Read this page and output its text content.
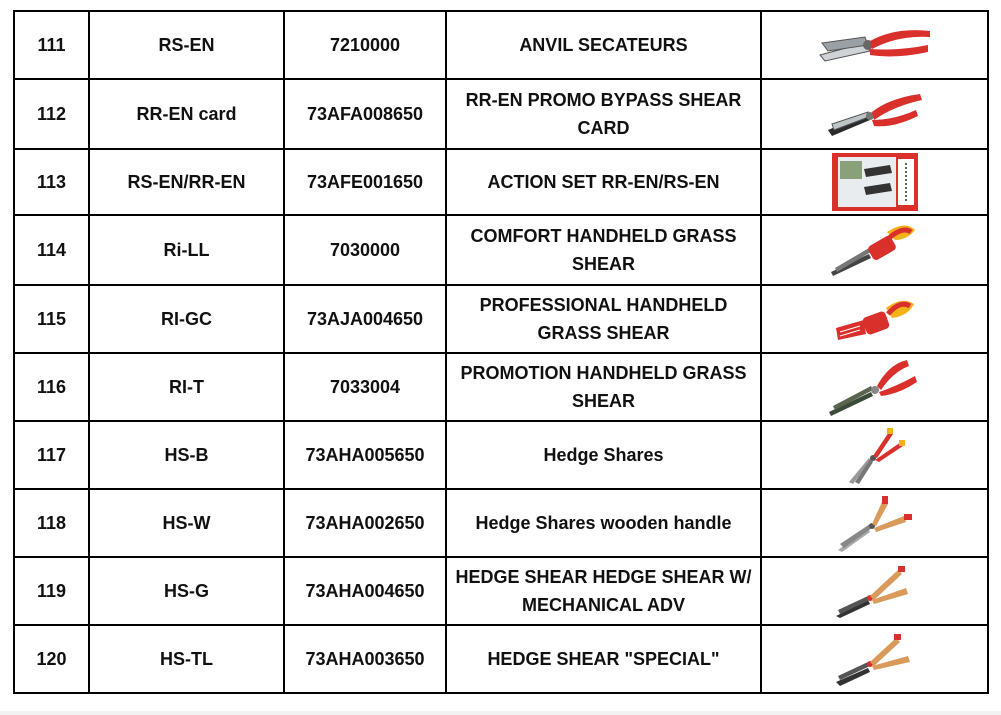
111	RS-EN	7210000	ANVIL SECATEURS	

112	RR-EN card	73AFA008650	RR-EN PROMO BYPASS SHEAR CARD	

113	RS-EN/RR-EN	73AFE001650	ACTION SET RR-EN/RS-EN	

114	Ri-LL	7030000	COMFORT HANDHELD GRASS SHEAR	

115	RI-GC	73AJA004650	PROFESSIONAL HANDHELD GRASS SHEAR	

116	RI-T	7033004	PROMOTION HANDHELD GRASS SHEAR	

117	HS-B	73AHA005650	Hedge Shares	

118	HS-W	73AHA002650	Hedge Shares wooden handle	

119	HS-G	73AHA004650	HEDGE SHEAR HEDGE SHEAR W/ MECHANICAL ADV	

120	HS-TL	73AHA003650	HEDGE SHEAR "SPECIAL"	
